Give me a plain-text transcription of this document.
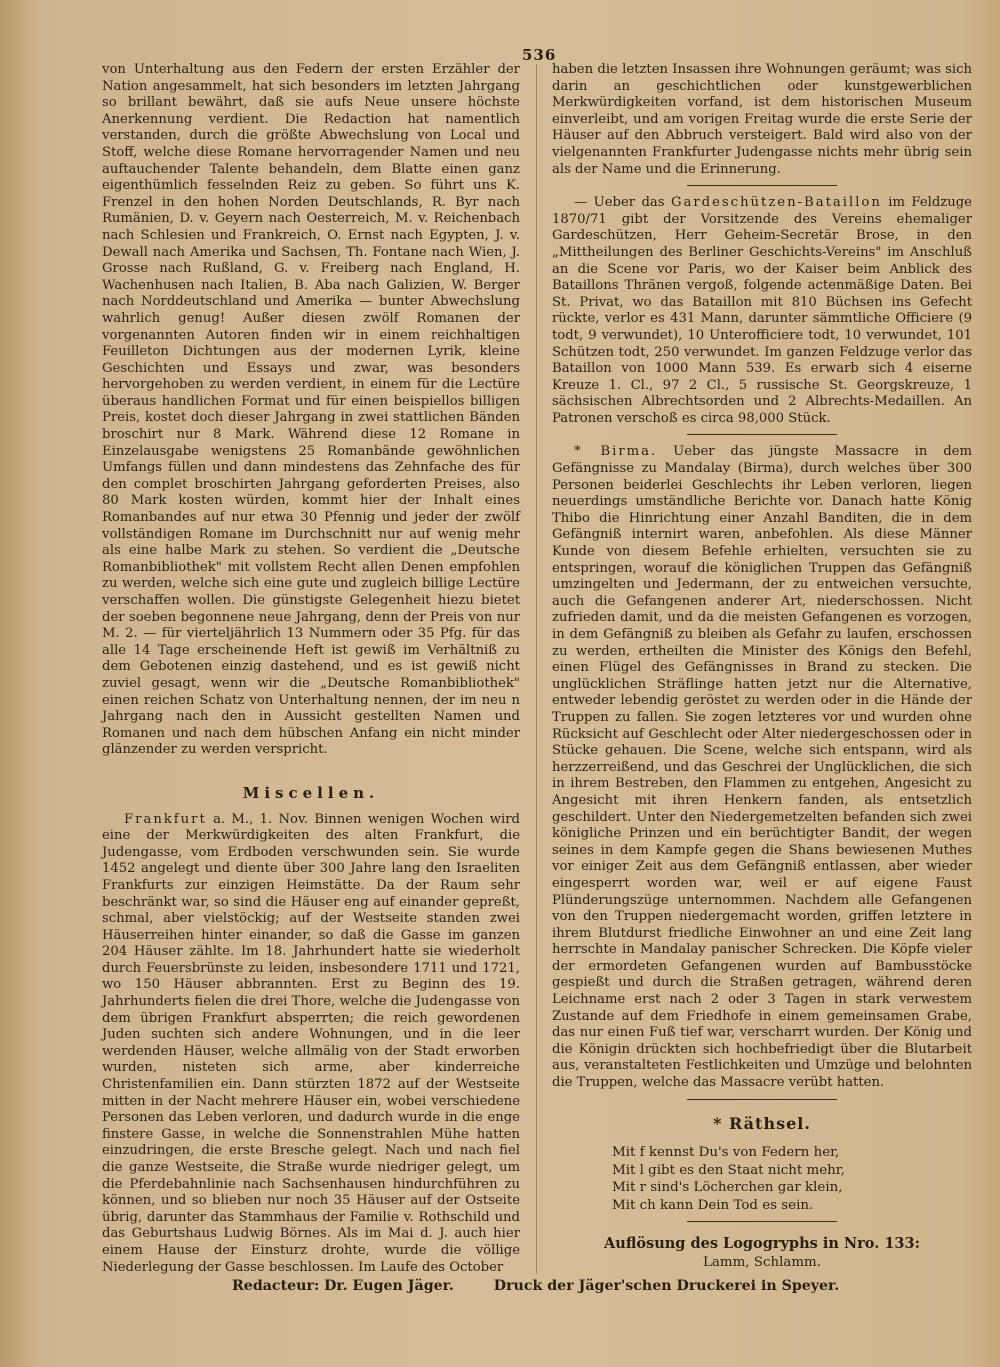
536

von Unterhaltung aus den Federn der ersten Erzähler der Nation angesammelt, hat sich besonders im letzten Jahrgang so brillant bewährt, daß sie aufs Neue unsere höchste Anerkennung verdient. Die Redaction hat namentlich verstanden, durch die größte Abwechslung von Local und Stoff, welche diese Romane hervorragender Namen und neu auftauchender Talente behandeln, dem Blatte einen ganz eigenthümlich fesselnden Reiz zu geben. So führt uns K. Frenzel in den hohen Norden Deutschlands, R. Byr nach Rumänien, D. v. Geyern nach Oesterreich, M. v. Reichenbach nach Schlesien und Frankreich, O. Ernst nach Egypten, J. v. Dewall nach Amerika und Sachsen, Th. Fontane nach Wien, J. Grosse nach Rußland, G. v. Freiberg nach England, H. Wachenhusen nach Italien, B. Aba nach Galizien, W. Berger nach Norddeutschland und Amerika — bunter Abwechslung wahrlich genug! Außer diesen zwölf Romanen der vorgenannten Autoren finden wir in einem reichhaltigen Feuilleton Dichtungen aus der modernen Lyrik, kleine Geschichten und Essays und zwar, was besonders hervorgehoben zu werden verdient, in einem für die Lectüre überaus handlichen Format und für einen beispiellos billigen Preis, kostet doch dieser Jahrgang in zwei stattlichen Bänden broschirt nur 8 Mark. Während diese 12 Romane in Einzelausgabe wenigstens 25 Romanbände gewöhnlichen Umfangs füllen und dann mindestens das Zehnfache des für den complet broschirten Jahrgang geforderten Preises, also 80 Mark kosten würden, kommt hier der Inhalt eines Romanbandes auf nur etwa 30 Pfennig und jeder der zwölf vollständigen Romane im Durchschnitt nur auf wenig mehr als eine halbe Mark zu stehen. So verdient die „Deutsche Romanbibliothek" mit vollstem Recht allen Denen empfohlen zu werden, welche sich eine gute und zugleich billige Lectüre verschaffen wollen. Die günstigste Gelegenheit hiezu bietet der soeben begonnene neue Jahrgang, denn der Preis von nur M. 2. — für vierteljährlich 13 Nummern oder 35 Pfg. für das alle 14 Tage erscheinende Heft ist gewiß im Verhältniß zu dem Gebotenen einzig dastehend, und es ist gewiß nicht zuviel gesagt, wenn wir die „Deutsche Romanbibliothek" einen reichen Schatz von Unterhaltung nennen, der im neu n Jahrgang nach den in Aussicht gestellten Namen und Romanen und nach dem hübschen Anfang ein nicht minder glänzender zu werden verspricht.

Miscellen.

Frankfurt a. M., 1. Nov. Binnen wenigen Wochen wird eine der Merkwürdigkeiten des alten Frankfurt, die Judengasse, vom Erdboden verschwunden sein. Sie wurde 1452 angelegt und diente über 300 Jahre lang den Israeliten Frankfurts zur einzigen Heimstätte. Da der Raum sehr beschränkt war, so sind die Häuser eng auf einander gepreßt, schmal, aber vielstöckig; auf der Westseite standen zwei Häuserreihen hinter einander, so daß die Gasse im ganzen 204 Häuser zählte. Im 18. Jahrhundert hatte sie wiederholt durch Feuersbrünste zu leiden, insbesondere 1711 und 1721, wo 150 Häuser abbrannten. Erst zu Beginn des 19. Jahrhunderts fielen die drei Thore, welche die Judengasse von dem übrigen Frankfurt absperrten; die reich gewordenen Juden suchten sich andere Wohnungen, und in die leer werdenden Häuser, welche allmälig von der Stadt erworben wurden, nisteten sich arme, aber kinderreiche Christenfamilien ein. Dann stürzten 1872 auf der Westseite mitten in der Nacht mehrere Häuser ein, wobei verschiedene Personen das Leben verloren, und dadurch wurde in die enge finstere Gasse, in welche die Sonnenstrahlen Mühe hatten einzudringen, die erste Bresche gelegt. Nach und nach fiel die ganze Westseite, die Straße wurde niedriger gelegt, um die Pferdebahnlinie nach Sachsenhausen hindurchführen zu können, und so blieben nur noch 35 Häuser auf der Ostseite übrig, darunter das Stammhaus der Familie v. Rothschild und das Geburtshaus Ludwig Börnes. Als im Mai d. J. auch hier einem Hause der Einsturz drohte, wurde die völlige Niederlegung der Gasse beschlossen. Im Laufe des October

haben die letzten Insassen ihre Wohnungen geräumt; was sich darin an geschichtlichen oder kunstgewerblichen Merkwürdigkeiten vorfand, ist dem historischen Museum einverleibt, und am vorigen Freitag wurde die erste Serie der Häuser auf den Abbruch versteigert. Bald wird also von der vielgenannten Frankfurter Judengasse nichts mehr übrig sein als der Name und die Erinnerung.

— Ueber das Gardeschützen-Bataillon im Feldzuge 1870/71 gibt der Vorsitzende des Vereins ehemaliger Gardeschützen, Herr Geheim-Secretär Brose, in den „Mittheilungen des Berliner Geschichts-Vereins" im Anschluß an die Scene vor Paris, wo der Kaiser beim Anblick des Bataillons Thränen vergoß, folgende actenmäßige Daten. Bei St. Privat, wo das Bataillon mit 810 Büchsen ins Gefecht rückte, verlor es 431 Mann, darunter sämmtliche Officiere (9 todt, 9 verwundet), 10 Unterofficiere todt, 10 verwundet, 101 Schützen todt, 250 verwundet. Im ganzen Feldzuge verlor das Bataillon von 1000 Mann 539. Es erwarb sich 4 eiserne Kreuze 1. Cl., 97 2 Cl., 5 russische St. Georgskreuze, 1 sächsischen Albrechtsorden und 2 Albrechts-Medaillen. An Patronen verschoß es circa 98,000 Stück.

* Birma. Ueber das jüngste Massacre in dem Gefängnisse zu Mandalay (Birma), durch welches über 300 Personen beiderlei Geschlechts ihr Leben verloren, liegen neuerdings umständliche Berichte vor. Danach hatte König Thibo die Hinrichtung einer Anzahl Banditen, die in dem Gefängniß internirt waren, anbefohlen. Als diese Männer Kunde von diesem Befehle erhielten, versuchten sie zu entspringen, worauf die königlichen Truppen das Gefängniß umzingelten und Jedermann, der zu entweichen versuchte, auch die Gefangenen anderer Art, niederschossen. Nicht zufrieden damit, und da die meisten Gefangenen es vorzogen, in dem Gefängniß zu bleiben als Gefahr zu laufen, erschossen zu werden, ertheilten die Minister des Königs den Befehl, einen Flügel des Gefängnisses in Brand zu stecken. Die unglücklichen Sträflinge hatten jetzt nur die Alternative, entweder lebendig geröstet zu werden oder in die Hände der Truppen zu fallen. Sie zogen letzteres vor und wurden ohne Rücksicht auf Geschlecht oder Alter niedergeschossen oder in Stücke gehauen. Die Scene, welche sich entspann, wird als herzzerreißend, und das Geschrei der Unglücklichen, die sich in ihrem Bestreben, den Flammen zu entgehen, Angesicht zu Angesicht mit ihren Henkern fanden, als entsetzlich geschildert. Unter den Niedergemetzelten befanden sich zwei königliche Prinzen und ein berüchtigter Bandit, der wegen seines in dem Kampfe gegen die Shans bewiesenen Muthes vor einiger Zeit aus dem Gefängniß entlassen, aber wieder eingesperrt worden war, weil er auf eigene Faust Plünderungszüge unternommen. Nachdem alle Gefangenen von den Truppen niedergemacht worden, griffen letztere in ihrem Blutdurst friedliche Einwohner an und eine Zeit lang herrschte in Mandalay panischer Schrecken. Die Köpfe vieler der ermordeten Gefangenen wurden auf Bambusstöcke gespießt und durch die Straßen getragen, während deren Leichname erst nach 2 oder 3 Tagen in stark verwestem Zustande auf dem Friedhofe in einem gemeinsamen Grabe, das nur einen Fuß tief war, verscharrt wurden. Der König und die Königin drückten sich hochbefriedigt über die Blutarbeit aus, veranstalteten Festlichkeiten und Umzüge und belohnten die Truppen, welche das Massacre verübt hatten.

* Räthsel.
Mit f kennst Du's von Federn her,
Mit l gibt es den Staat nicht mehr,
Mit r sind's Löcherchen gar klein,
Mit ch kann Dein Tod es sein.
Auflösung des Logogryphs in Nro. 133:
Lamm, Schlamm.
Redacteur: Dr. Eugen Jäger.	Druck der Jäger'schen Druckerei in Speyer.
